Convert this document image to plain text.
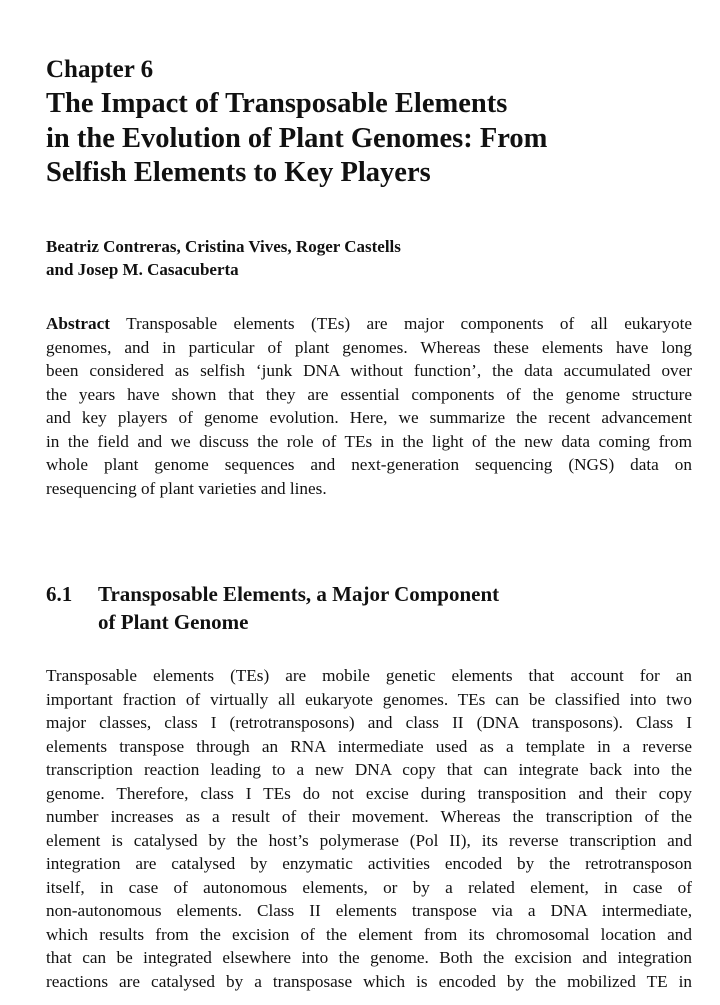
Chapter 6
The Impact of Transposable Elements
in the Evolution of Plant Genomes: From
Selfish Elements to Key Players
Beatriz Contreras, Cristina Vives, Roger Castells
and Josep M. Casacuberta
Abstract Transposable elements (TEs) are major components of all eukaryote
genomes, and in particular of plant genomes. Whereas these elements have long
been considered as selfish ‘junk DNA without function’, the data accumulated over
the years have shown that they are essential components of the genome structure
and key players of genome evolution. Here, we summarize the recent advancement
in the field and we discuss the role of TEs in the light of the new data coming from
whole plant genome sequences and next-generation sequencing (NGS) data on
resequencing of plant varieties and lines.
6.1	Transposable Elements, a Major Component
of Plant Genome
Transposable elements (TEs) are mobile genetic elements that account for an
important fraction of virtually all eukaryote genomes. TEs can be classified into two
major classes, class I (retrotransposons) and class II (DNA transposons). Class I
elements transpose through an RNA intermediate used as a template in a reverse
transcription reaction leading to a new DNA copy that can integrate back into the
genome. Therefore, class I TEs do not excise during transposition and their copy
number increases as a result of their movement. Whereas the transcription of the
element is catalysed by the host’s polymerase (Pol II), its reverse transcription and
integration are catalysed by enzymatic activities encoded by the retrotransposon
itself, in case of autonomous elements, or by a related element, in case of
non-autonomous elements. Class II elements transpose via a DNA intermediate,
which results from the excision of the element from its chromosomal location and
that can be integrated elsewhere into the genome. Both the excision and integration
reactions are catalysed by a transposase which is encoded by the mobilized TE in
